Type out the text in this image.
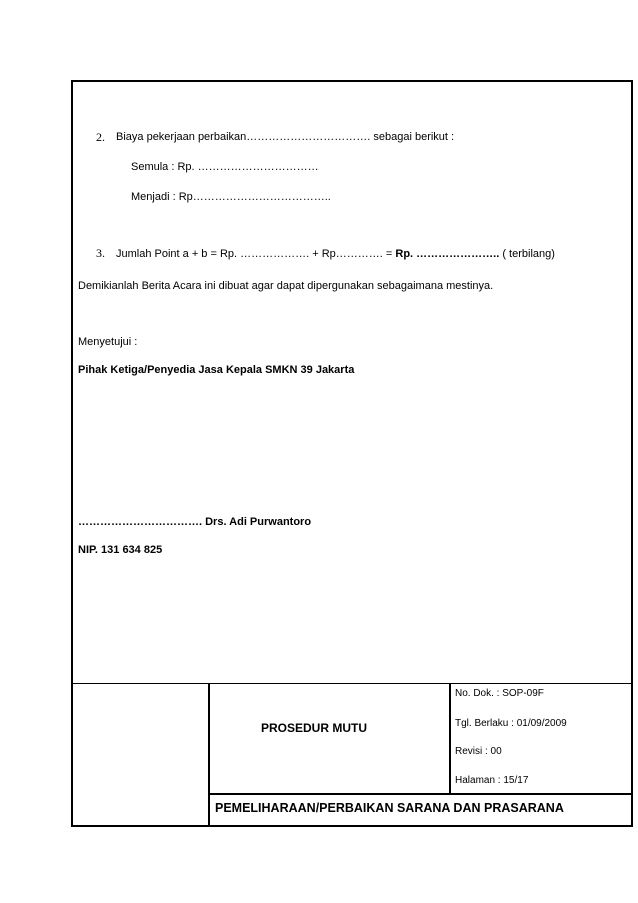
2. Biaya pekerjaan perbaikan……………………………. sebagai berikut :
Semula : Rp. ……………………………
Menjadi : Rp………………………………..
3. Jumlah Point a + b = Rp. ………………. + Rp…………. = Rp. ………………….. ( terbilang)
Demikianlah Berita Acara ini dibuat agar dapat dipergunakan sebagaimana mestinya.
Menyetujui :
Pihak Ketiga/Penyedia Jasa Kepala SMKN 39 Jakarta
……………………………. Drs. Adi Purwantoro
NIP. 131 634 825
PROSEDUR MUTU
No. Dok. : SOP-09F
Tgl. Berlaku : 01/09/2009
Revisi : 00
Halaman : 15/17
PEMELIHARAAN/PERBAIKAN SARANA DAN PRASARANA
